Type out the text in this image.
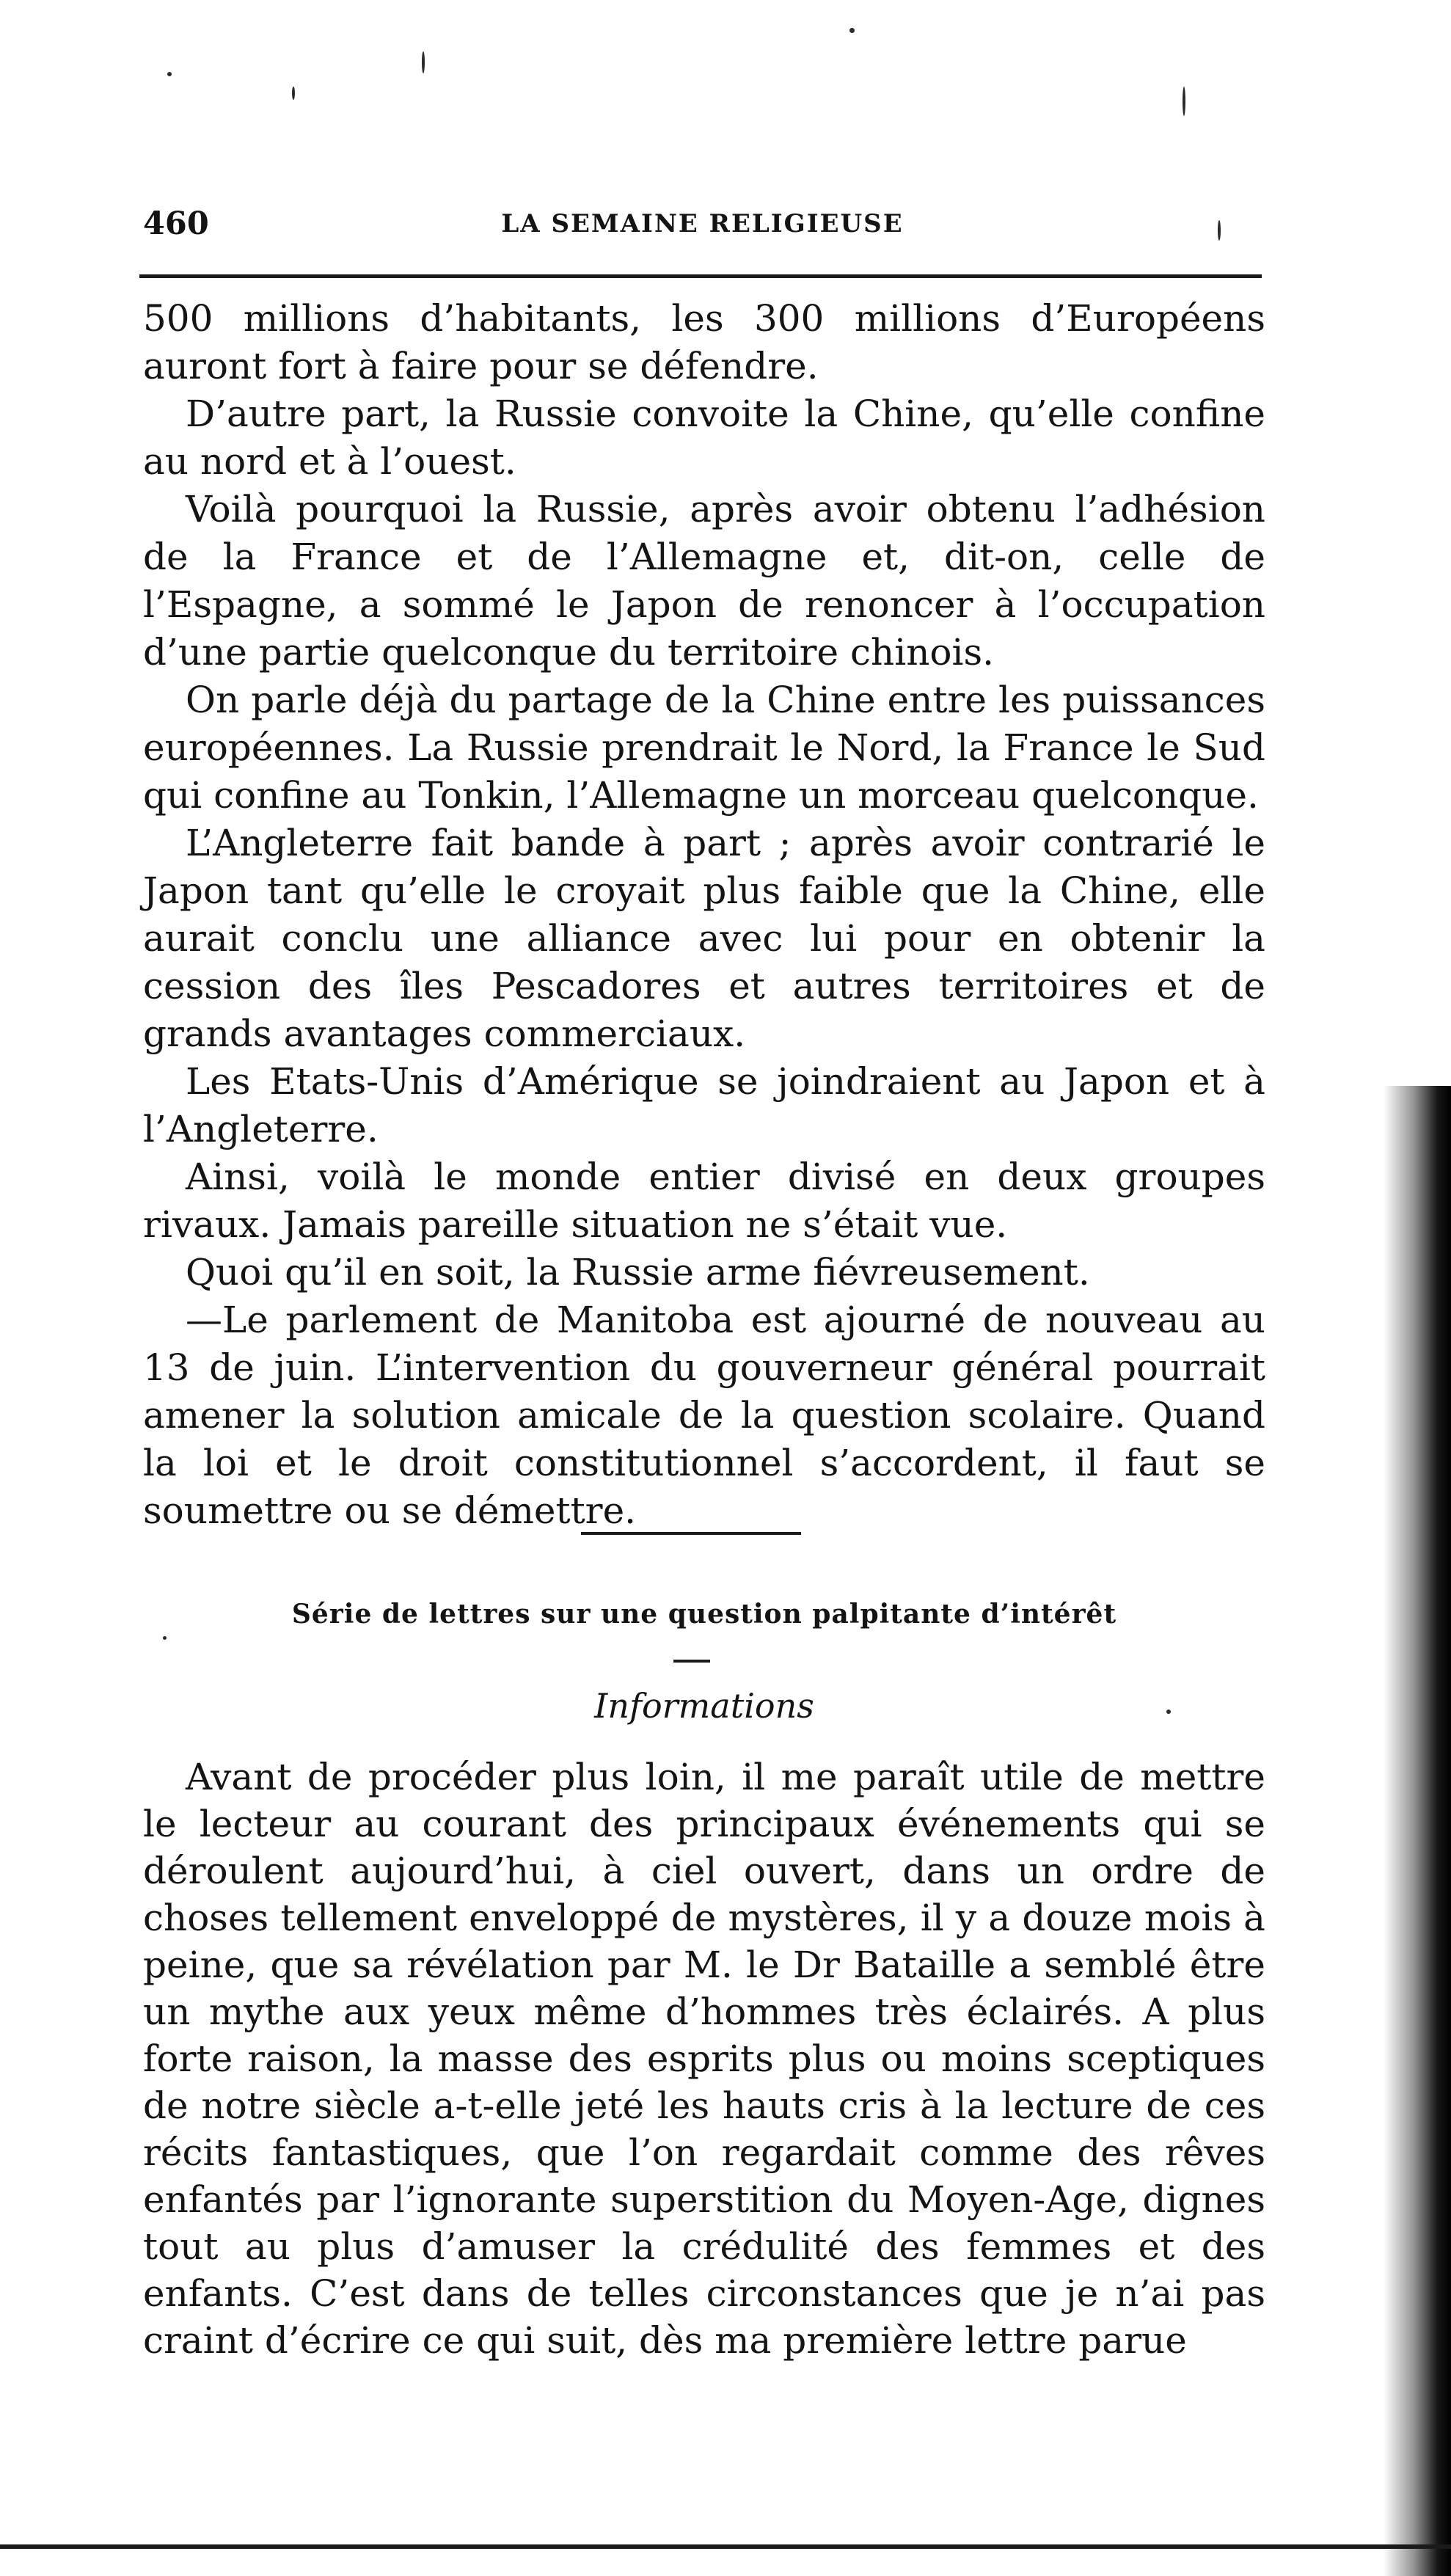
460	LA SEMAINE RELIGIEUSE

500 millions d’habitants, les 300 millions d’Européens auront fort à faire pour se défendre.

D’autre part, la Russie convoite la Chine, qu’elle confine au nord et à l’ouest.

Voilà pourquoi la Russie, après avoir obtenu l’adhésion de la France et de l’Allemagne et, dit-on, celle de l’Espagne, a sommé le Japon de renoncer à l’occupation d’une partie quelconque du territoire chinois.

On parle déjà du partage de la Chine entre les puissances européennes. La Russie prendrait le Nord, la France le Sud qui confine au Tonkin, l’Allemagne un morceau quelconque.

L’Angleterre fait bande à part ; après avoir contrarié le Japon tant qu’elle le croyait plus faible que la Chine, elle aurait conclu une alliance avec lui pour en obtenir la cession des îles Pescadores et autres territoires et de grands avantages commerciaux.

Les Etats-Unis d’Amérique se joindraient au Japon et à l’Angleterre.

Ainsi, voilà le monde entier divisé en deux groupes rivaux. Jamais pareille situation ne s’était vue.

Quoi qu’il en soit, la Russie arme fiévreusement.

—Le parlement de Manitoba est ajourné de nouveau au 13 de juin. L’intervention du gouverneur général pourrait amener la solution amicale de la question scolaire. Quand la loi et le droit constitutionnel s’accordent, il faut se soumettre ou se démettre.

Série de lettres sur une question palpitante d’intérêt
Informations

Avant de procéder plus loin, il me paraît utile de mettre le lecteur au courant des principaux événements qui se déroulent aujourd’hui, à ciel ouvert, dans un ordre de choses tellement enveloppé de mystères, il y a douze mois à peine, que sa révélation par M. le Dr Bataille a semblé être un mythe aux yeux même d’hommes très éclairés. A plus forte raison, la masse des esprits plus ou moins sceptiques de notre siècle a-t-elle jeté les hauts cris à la lecture de ces récits fantastiques, que l’on regardait comme des rêves enfantés par l’ignorante superstition du Moyen-Age, dignes tout au plus d’amuser la crédulité des femmes et des enfants. C’est dans de telles circonstances que je n’ai pas craint d’écrire ce qui suit, dès ma première lettre parue
